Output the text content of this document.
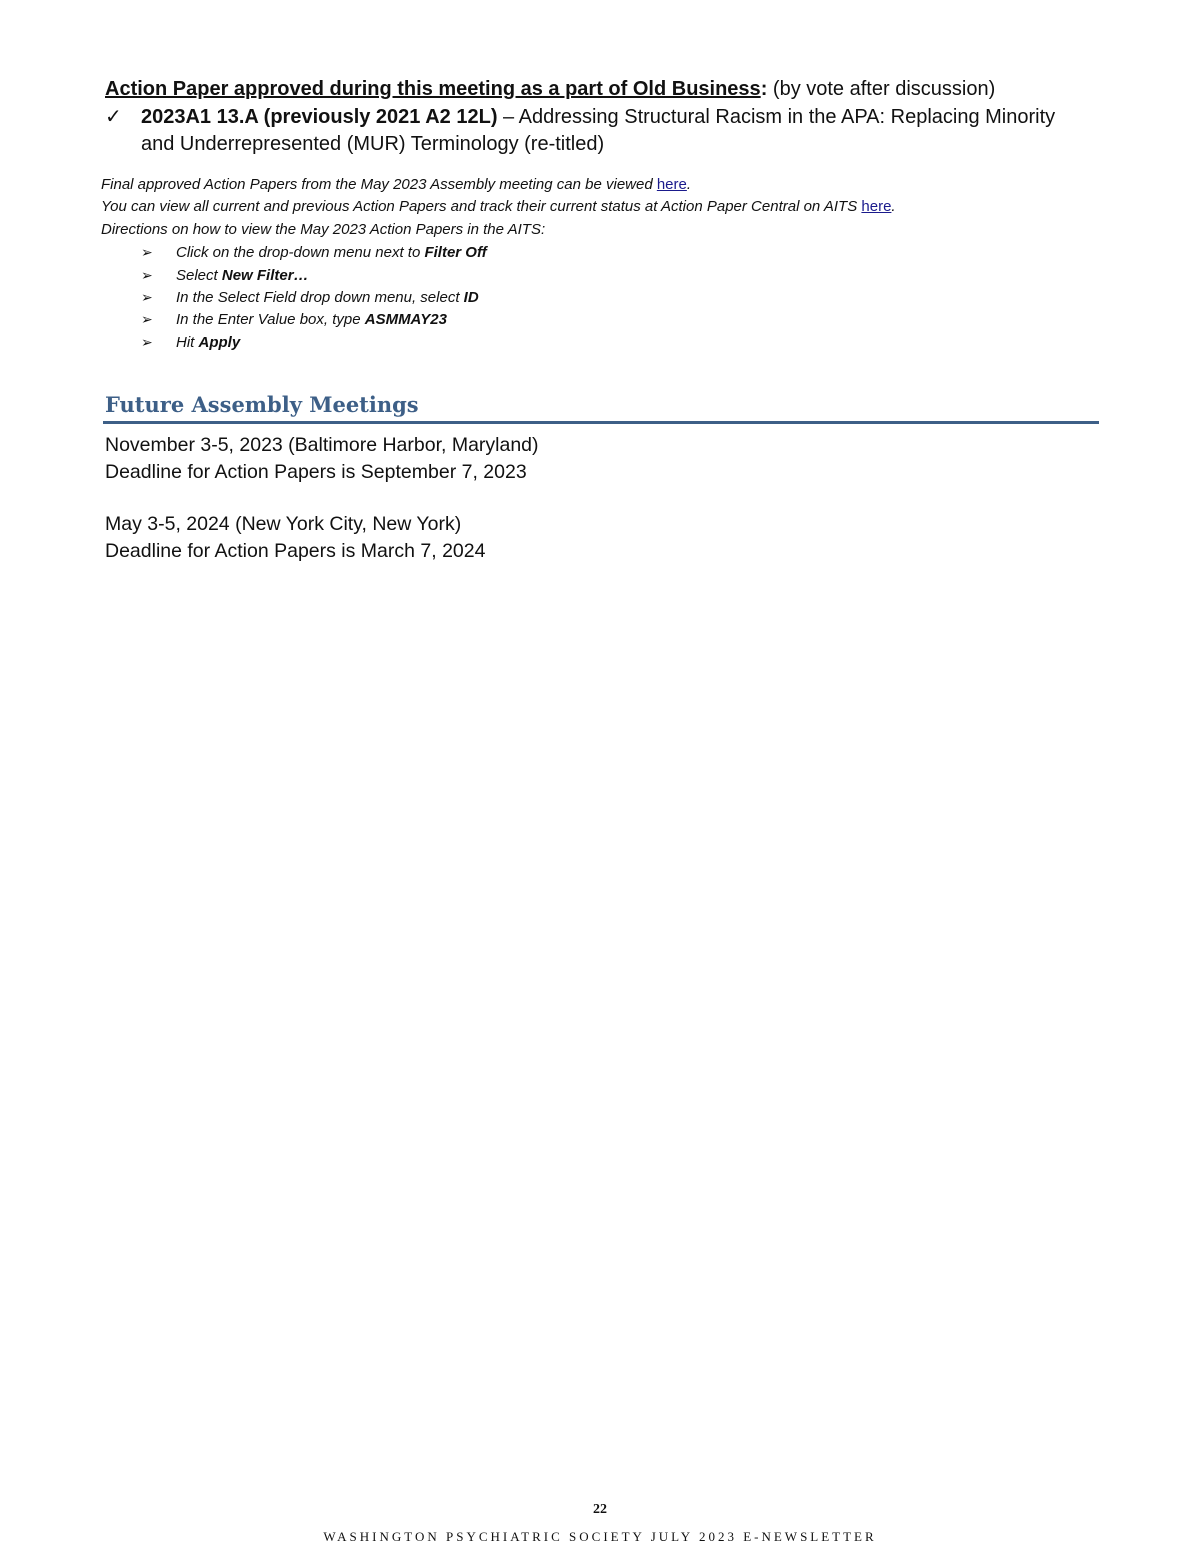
Action Paper approved during this meeting as a part of Old Business: (by vote after discussion)
✓ 2023A1 13.A (previously 2021 A2 12L) – Addressing Structural Racism in the APA: Replacing Minority and Underrepresented (MUR) Terminology (re-titled)
Final approved Action Papers from the May 2023 Assembly meeting can be viewed here.
You can view all current and previous Action Papers and track their current status at Action Paper Central on AITS here.
Directions on how to view the May 2023 Action Papers in the AITS:
➢ Click on the drop-down menu next to Filter Off
➢ Select New Filter…
➢ In the Select Field drop down menu, select ID
➢ In the Enter Value box, type ASMMAY23
➢ Hit Apply
Future Assembly Meetings
November 3-5, 2023 (Baltimore Harbor, Maryland)
Deadline for Action Papers is September 7, 2023
May 3-5, 2024 (New York City, New York)
Deadline for Action Papers is March 7, 2024
22
WASHINGTON PSYCHIATRIC SOCIETY JULY 2023 E-NEWSLETTER
